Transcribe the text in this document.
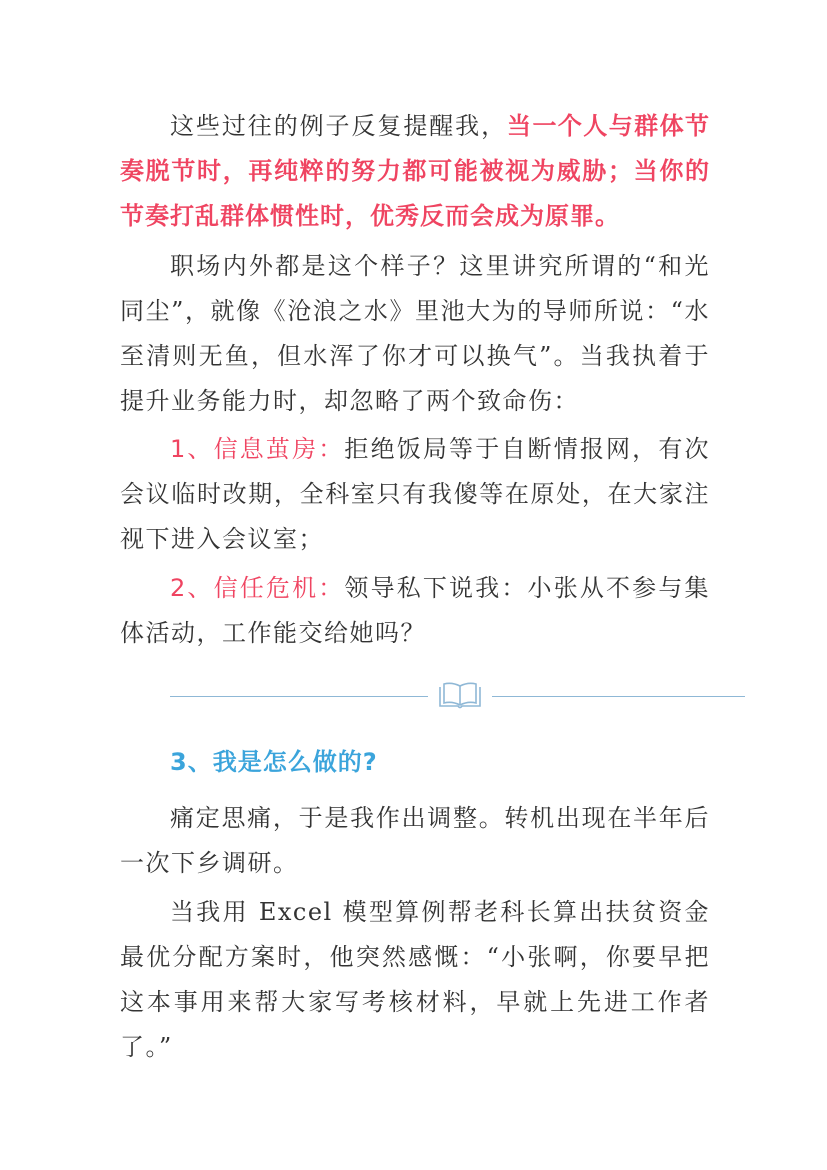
这些过往的例子反复提醒我，当一个人与群体节奏脱节时，再纯粹的努力都可能被视为威胁；当你的节奏打乱群体惯性时，优秀反而会成为原罪。

职场内外都是这个样子？这里讲究所谓的“和光同尘”，就像《沧浪之水》里池大为的导师所说：“水至清则无鱼，但水浑了你才可以换气”。当我执着于提升业务能力时，却忽略了两个致命伤：

1、信息茧房：拒绝饭局等于自断情报网，有次会议临时改期，全科室只有我傻等在原处，在大家注视下进入会议室；

2、信任危机：领导私下说我：小张从不参与集体活动，工作能交给她吗？

3、我是怎么做的?

痛定思痛，于是我作出调整。转机出现在半年后一次下乡调研。

当我用 Excel 模型算例帮老科长算出扶贫资金最优分配方案时，他突然感慨：“小张啊，你要早把这本事用来帮大家写考核材料，早就上先进工作者了。”
